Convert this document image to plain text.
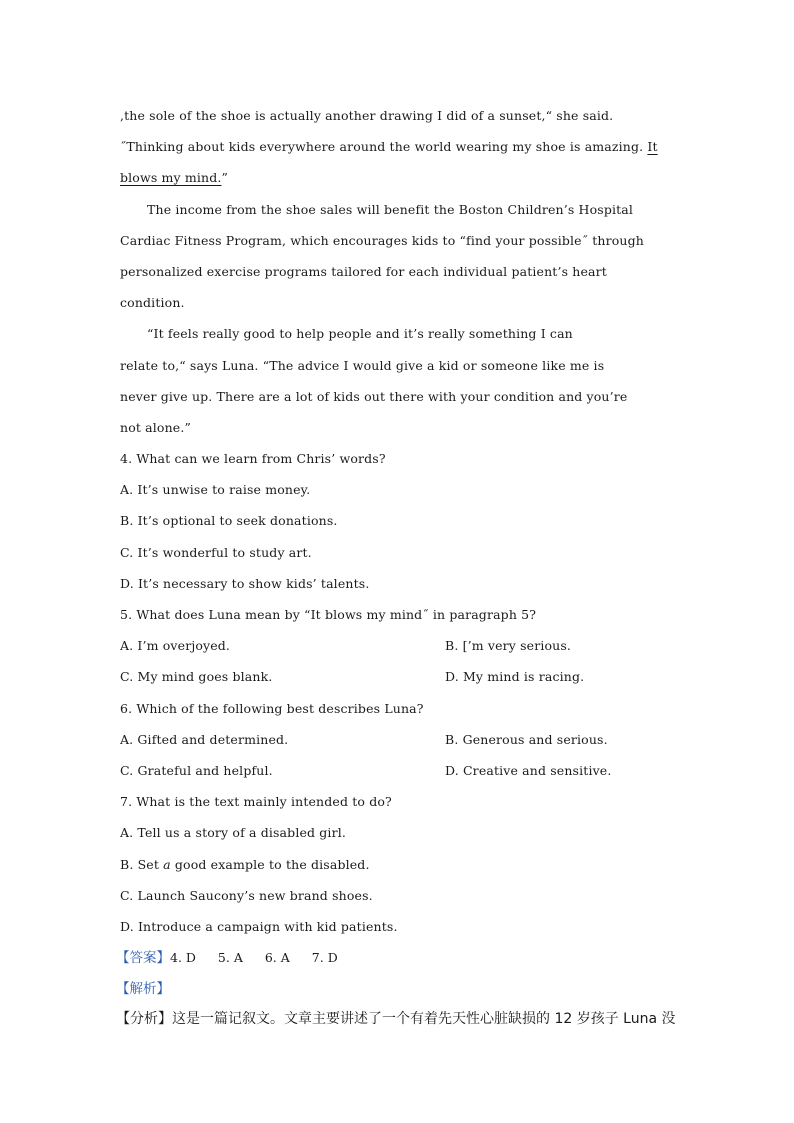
,the sole of the shoe is actually another drawing I did of a sunset,“ she said.
˝Thinking about kids everywhere around the world wearing my shoe is amazing. It
blows my mind.”
The income from the shoe sales will benefit the Boston Children’s Hospital
Cardiac Fitness Program, which encourages kids to “find your possible˝ through
personalized exercise programs tailored for each individual patient’s heart
condition.
“It feels really good to help people and it’s really something I can
relate to,“ says Luna. “The advice I would give a kid or someone like me is
never give up. There are a lot of kids out there with your condition and you’re
not alone.”
4. What can we learn from Chris’ words?
A. It’s unwise to raise money.
B. It’s optional to seek donations.
C. It’s wonderful to study art.
D. It’s necessary to show kids’ talents.
5. What does Luna mean by “It blows my mind˝ in paragraph 5?
A. I’m overjoyed.	B. [’m very serious.
C. My mind goes blank.	D. My mind is racing.
6. Which of the following best describes Luna?
A. Gifted and determined.	B. Generous and serious.
C. Grateful and helpful.	D. Creative and sensitive.
7. What is the text mainly intended to do?
A. Tell us a story of a disabled girl.
B. Set a good example to the disabled.
C. Launch Saucony’s new brand shoes.
D. Introduce a campaign with kid patients.
【答案】4. D 5. A 6. A 7. D
【解析】
【分析】这是一篇记叙文。文章主要讲述了一个有着先天性心脏缺损的 12 岁孩子 Luna 没
